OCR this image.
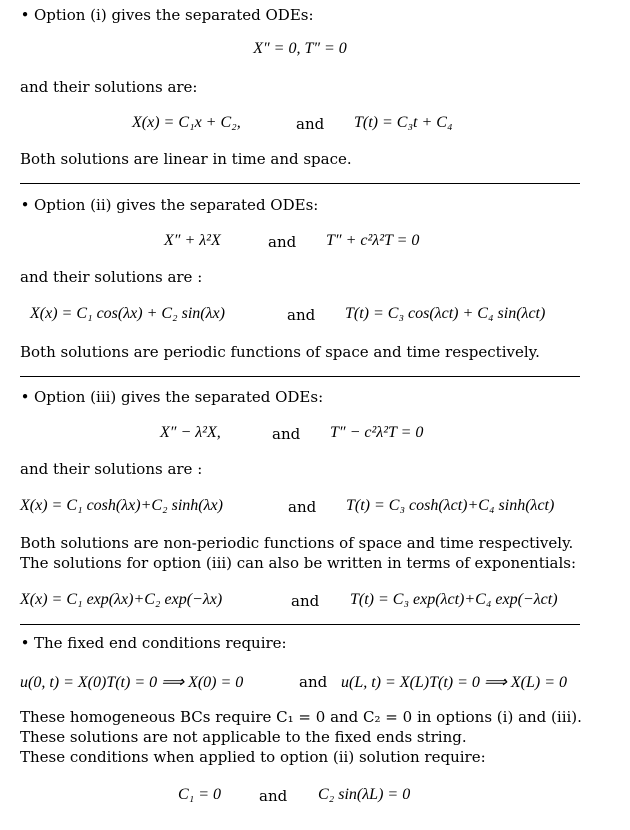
• Option (i) gives the separated ODEs:
X″ = 0, T″ = 0
and their solutions are:
X(x) = C₁x + C₂,	and T(t) = C₃t + C₄
Both solutions are linear in time and space.
• Option (ii) gives the separated ODEs:
X″ + λ²X	and T″ + c²λ²T = 0
and their solutions are :
X(x) = C₁ cos(λx) + C₂ sin(λx)	and T(t) = C₃ cos(λct) + C₄ sin(λct)
Both solutions are periodic functions of space and time respectively.
• Option (iii) gives the separated ODEs:
X″ − λ²X,	and T″ − c²λ²T = 0
and their solutions are :
X(x) = C₁ cosh(λx)+C₂ sinh(λx)	and T(t) = C₃ cosh(λct)+C₄ sinh(λct)
Both solutions are non-periodic functions of space and time respectively.
The solutions for option (iii) can also be written in terms of exponentials:
X(x) = C₁ exp(λx)+C₂ exp(−λx)	and T(t) = C₃ exp(λct)+C₄ exp(−λct)
• The fixed end conditions require:
u(0, t) = X(0)T(t) = 0 ⟹ X(0) = 0	and u(L, t) = X(L)T(t) = 0 ⟹ X(L) = 0
These homogeneous BCs require C₁ = 0 and C₂ = 0 in options (i) and (iii).
These solutions are not applicable to the fixed ends string.
These conditions when applied to option (ii) solution require:
C₁ = 0	and C₂ sin(λL) = 0
